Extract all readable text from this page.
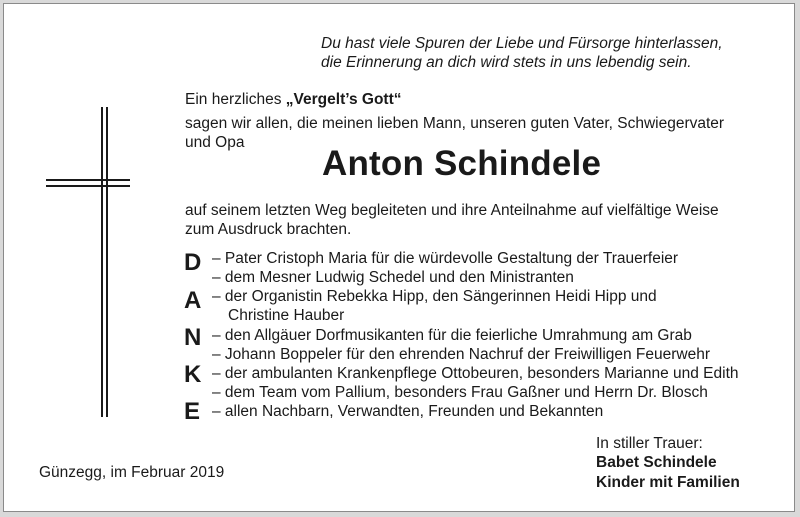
Du hast viele Spuren der Liebe und Fürsorge hinterlassen,
die Erinnerung an dich wird stets in uns lebendig sein.
Ein herzliches „Vergelt’s Gott“
sagen wir allen, die meinen lieben Mann, unseren guten Vater, Schwiegervater
und Opa
Anton Schindele
auf seinem letzten Weg begleiteten und ihre Anteilnahme auf vielfältige Weise
zum Ausdruck brachten.
D
A
N
K
E
– Pater Cristoph Maria für die würdevolle Gestaltung der Trauerfeier
– dem Mesner Ludwig Schedel und den Ministranten
– der Organistin Rebekka Hipp, den Sängerinnen Heidi Hipp und
Christine Hauber
– den Allgäuer Dorfmusikanten für die feierliche Umrahmung am Grab
– Johann Boppeler für den ehrenden Nachruf der Freiwilligen Feuerwehr
– der ambulanten Krankenpflege Ottobeuren, besonders Marianne und Edith
– dem Team vom Pallium, besonders Frau Gaßner und Herrn Dr. Blosch
– allen Nachbarn, Verwandten, Freunden und Bekannten
Günzegg, im Februar 2019
In stiller Trauer:
Babet Schindele
Kinder mit Familien
